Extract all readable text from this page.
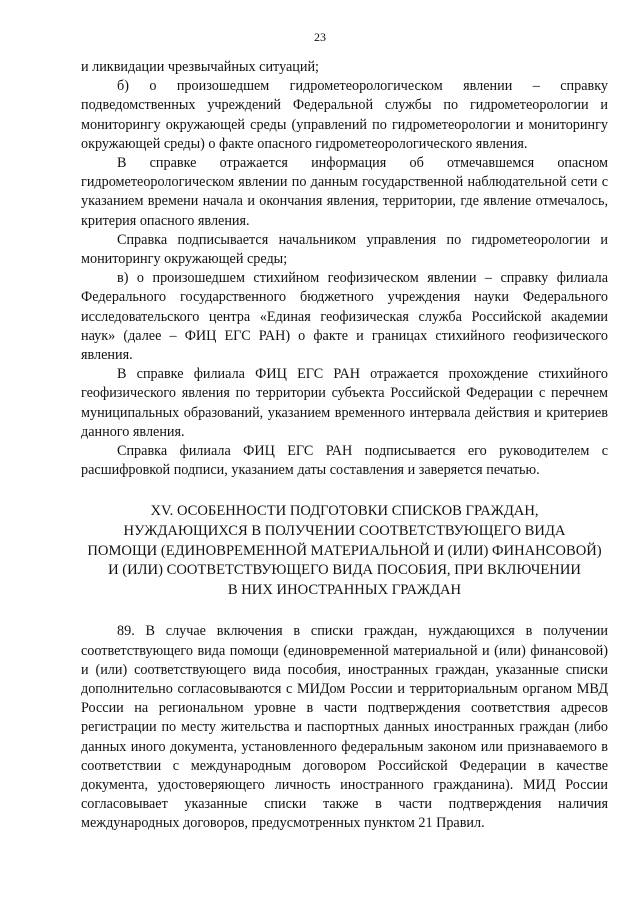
23

и ликвидации чрезвычайных ситуаций;

б) о произошедшем гидрометеорологическом явлении – справку подведомственных учреждений Федеральной службы по гидрометеорологии и мониторингу окружающей среды (управлений по гидрометеорологии и мониторингу окружающей среды) о факте опасного гидрометеорологического явления.

В справке отражается информация об отмечавшемся опасном гидрометеорологическом явлении по данным государственной наблюдательной сети с указанием времени начала и окончания явления, территории, где явление отмечалось, критерия опасного явления.

Справка подписывается начальником управления по гидрометеорологии и мониторингу окружающей среды;

в) о произошедшем стихийном геофизическом явлении – справку филиала Федерального государственного бюджетного учреждения науки Федерального исследовательского центра «Единая геофизическая служба Российской академии наук» (далее – ФИЦ ЕГС РАН) о факте и границах стихийного геофизического явления.

В справке филиала ФИЦ ЕГС РАН отражается прохождение стихийного геофизического явления по территории субъекта Российской Федерации с перечнем муниципальных образований, указанием временного интервала действия и критериев данного явления.

Справка филиала ФИЦ ЕГС РАН подписывается его руководителем с расшифровкой подписи, указанием даты составления и заверяется печатью.

XV. ОСОБЕННОСТИ ПОДГОТОВКИ СПИСКОВ ГРАЖДАН,
НУЖДАЮЩИХСЯ В ПОЛУЧЕНИИ СООТВЕТСТВУЮЩЕГО ВИДА
ПОМОЩИ (ЕДИНОВРЕМЕННОЙ МАТЕРИАЛЬНОЙ И (ИЛИ) ФИНАНСОВОЙ)
И (ИЛИ) СООТВЕТСТВУЮЩЕГО ВИДА ПОСОБИЯ, ПРИ ВКЛЮЧЕНИИ
В НИХ ИНОСТРАННЫХ ГРАЖДАН

89. В случае включения в списки граждан, нуждающихся в получении соответствующего вида помощи (единовременной материальной и (или) финансовой) и (или) соответствующего вида пособия, иностранных граждан, указанные списки дополнительно согласовываются с МИДом России и территориальным органом МВД России на региональном уровне в части подтверждения соответствия адресов регистрации по месту жительства и паспортных данных иностранных граждан (либо данных иного документа, установленного федеральным законом или признаваемого в соответствии с международным договором Российской Федерации в качестве документа, удостоверяющего личность иностранного гражданина). МИД России согласовывает указанные списки также в части подтверждения наличия международных договоров, предусмотренных пунктом 21 Правил.
